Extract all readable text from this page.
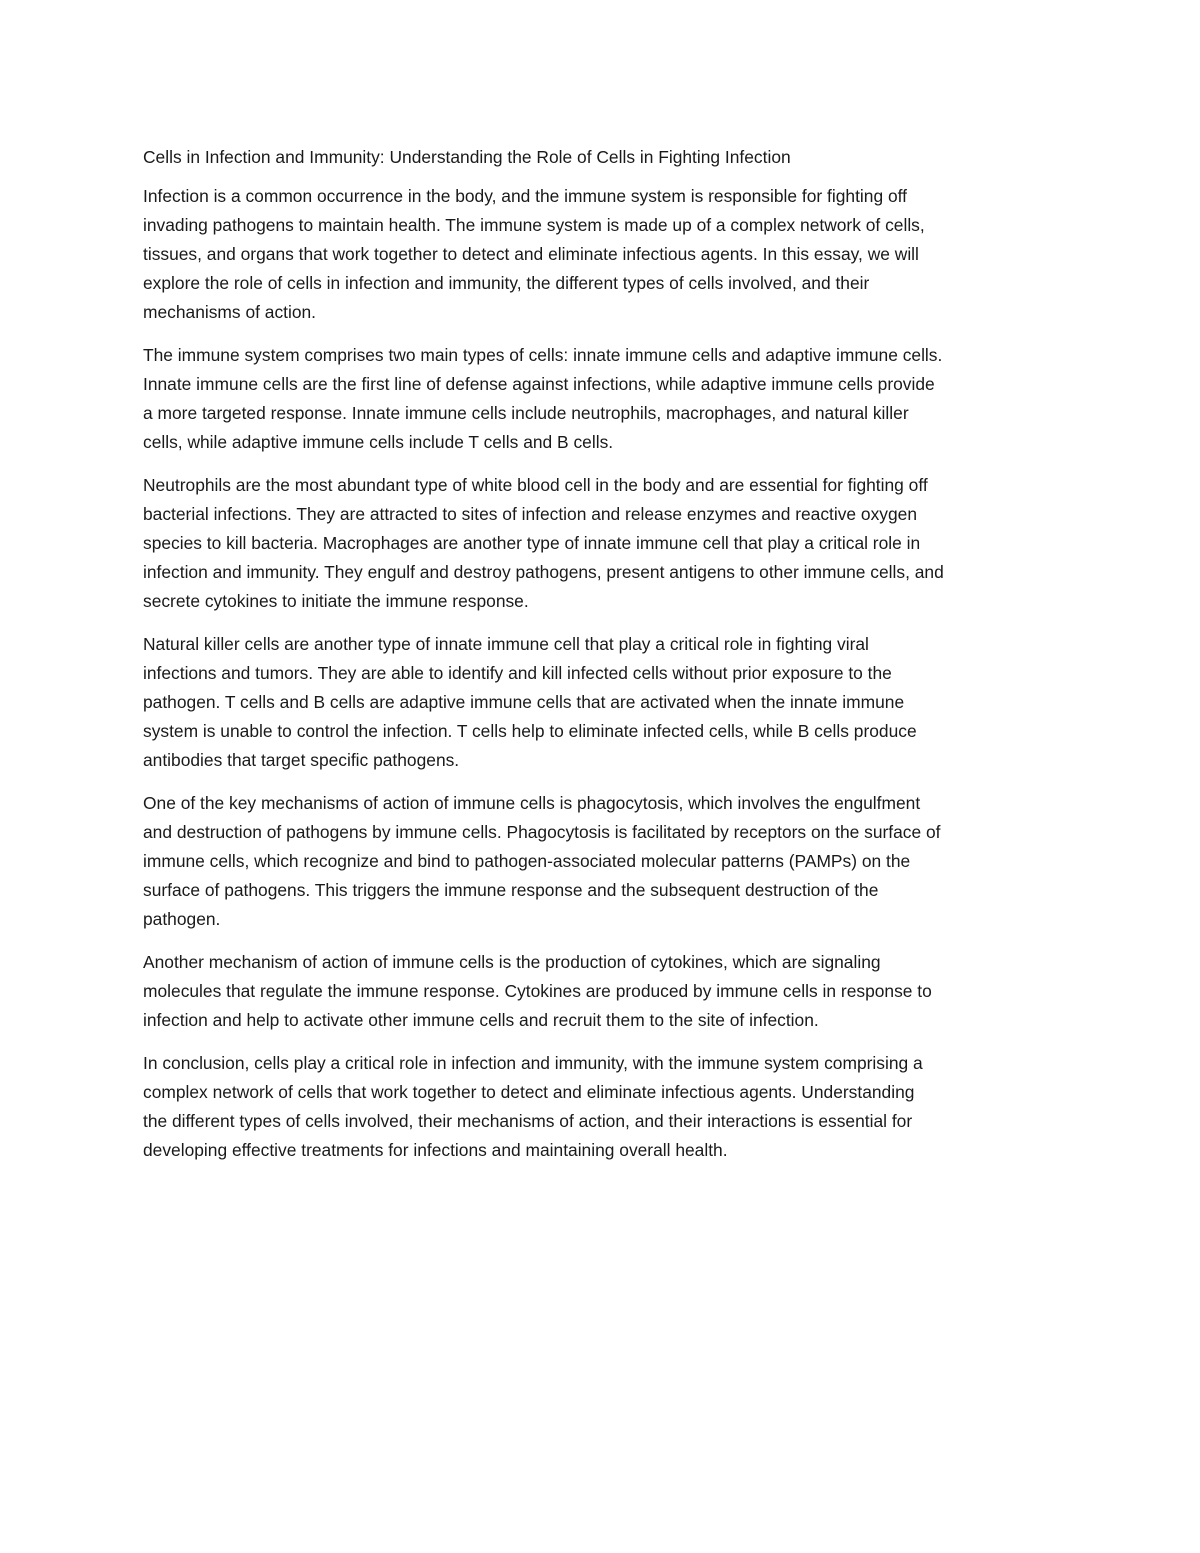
Cells in Infection and Immunity: Understanding the Role of Cells in Fighting Infection

Infection is a common occurrence in the body, and the immune system is responsible for fighting off
invading pathogens to maintain health. The immune system is made up of a complex network of cells,
tissues, and organs that work together to detect and eliminate infectious agents. In this essay, we will
explore the role of cells in infection and immunity, the different types of cells involved, and their
mechanisms of action.

The immune system comprises two main types of cells: innate immune cells and adaptive immune cells.
Innate immune cells are the first line of defense against infections, while adaptive immune cells provide
a more targeted response. Innate immune cells include neutrophils, macrophages, and natural killer
cells, while adaptive immune cells include T cells and B cells.

Neutrophils are the most abundant type of white blood cell in the body and are essential for fighting off
bacterial infections. They are attracted to sites of infection and release enzymes and reactive oxygen
species to kill bacteria. Macrophages are another type of innate immune cell that play a critical role in
infection and immunity. They engulf and destroy pathogens, present antigens to other immune cells, and
secrete cytokines to initiate the immune response.

Natural killer cells are another type of innate immune cell that play a critical role in fighting viral
infections and tumors. They are able to identify and kill infected cells without prior exposure to the
pathogen. T cells and B cells are adaptive immune cells that are activated when the innate immune
system is unable to control the infection. T cells help to eliminate infected cells, while B cells produce
antibodies that target specific pathogens.

One of the key mechanisms of action of immune cells is phagocytosis, which involves the engulfment
and destruction of pathogens by immune cells. Phagocytosis is facilitated by receptors on the surface of
immune cells, which recognize and bind to pathogen-associated molecular patterns (PAMPs) on the
surface of pathogens. This triggers the immune response and the subsequent destruction of the
pathogen.

Another mechanism of action of immune cells is the production of cytokines, which are signaling
molecules that regulate the immune response. Cytokines are produced by immune cells in response to
infection and help to activate other immune cells and recruit them to the site of infection.

In conclusion, cells play a critical role in infection and immunity, with the immune system comprising a
complex network of cells that work together to detect and eliminate infectious agents. Understanding
the different types of cells involved, their mechanisms of action, and their interactions is essential for
developing effective treatments for infections and maintaining overall health.
